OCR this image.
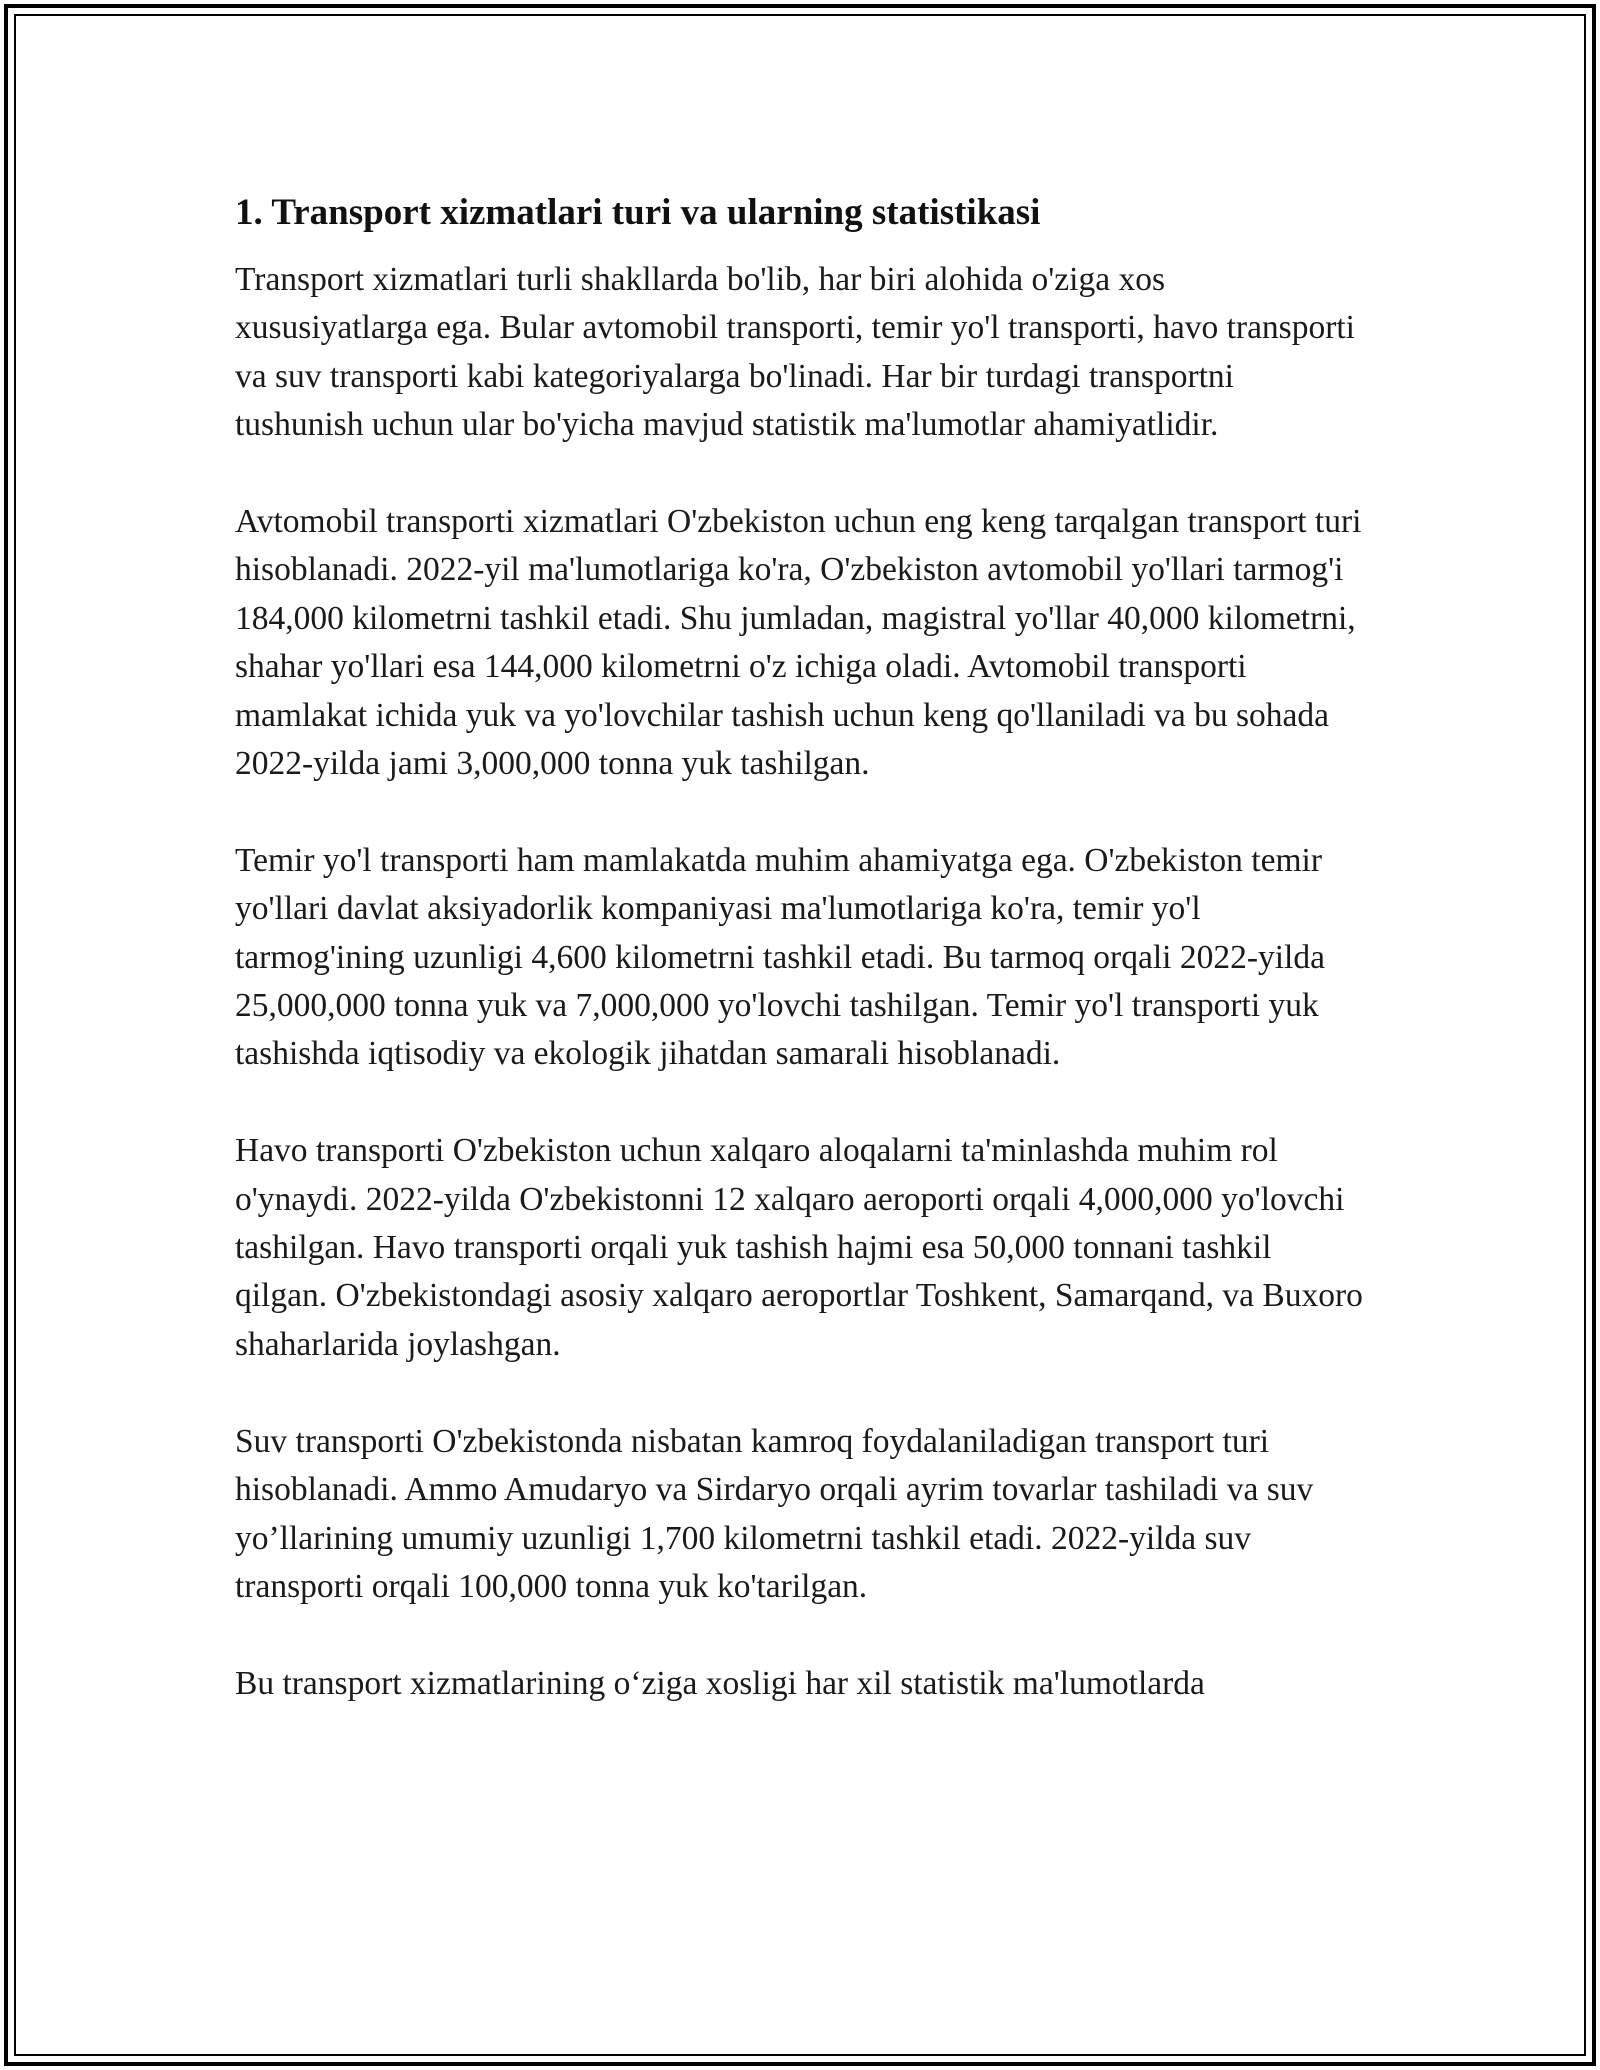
1. Transport xizmatlari turi va ularning statistikasi

Transport xizmatlari turli shakllarda bo'lib, har biri alohida o'ziga xos xususiyatlarga ega. Bular avtomobil transporti, temir yo'l transporti, havo transporti va suv transporti kabi kategoriyalarga bo'linadi. Har bir turdagi transportni tushunish uchun ular bo'yicha mavjud statistik ma'lumotlar ahamiyatlidir.

Avtomobil transporti xizmatlari O'zbekiston uchun eng keng tarqalgan transport turi hisoblanadi. 2022-yil ma'lumotlariga ko'ra, O'zbekiston avtomobil yo'llari tarmog'i 184,000 kilometrni tashkil etadi. Shu jumladan, magistral yo'llar 40,000 kilometrni, shahar yo'llari esa 144,000 kilometrni o'z ichiga oladi. Avtomobil transporti mamlakat ichida yuk va yo'lovchilar tashish uchun keng qo'llaniladi va bu sohada 2022-yilda jami 3,000,000 tonna yuk tashilgan.

Temir yo'l transporti ham mamlakatda muhim ahamiyatga ega. O'zbekiston temir yo'llari davlat aksiyadorlik kompaniyasi ma'lumotlariga ko'ra, temir yo'l tarmog'ining uzunligi 4,600 kilometrni tashkil etadi. Bu tarmoq orqali 2022-yilda 25,000,000 tonna yuk va 7,000,000 yo'lovchi tashilgan. Temir yo'l transporti yuk tashishda iqtisodiy va ekologik jihatdan samarali hisoblanadi.

Havo transporti O'zbekiston uchun xalqaro aloqalarni ta'minlashda muhim rol o'ynaydi. 2022-yilda O'zbekistonni 12 xalqaro aeroporti orqali 4,000,000 yo'lovchi tashilgan. Havo transporti orqali yuk tashish hajmi esa 50,000 tonnani tashkil qilgan. O'zbekistondagi asosiy xalqaro aeroportlar Toshkent, Samarqand, va Buxoro shaharlarida joylashgan.

Suv transporti O'zbekistonda nisbatan kamroq foydalaniladigan transport turi hisoblanadi. Ammo Amudaryo va Sirdaryo orqali ayrim tovarlar tashiladi va suv yo’llarining umumiy uzunligi 1,700 kilometrni tashkil etadi. 2022-yilda suv transporti orqali 100,000 tonna yuk ko'tarilgan.

Bu transport xizmatlarining o‘ziga xosligi har xil statistik ma'lumotlarda
